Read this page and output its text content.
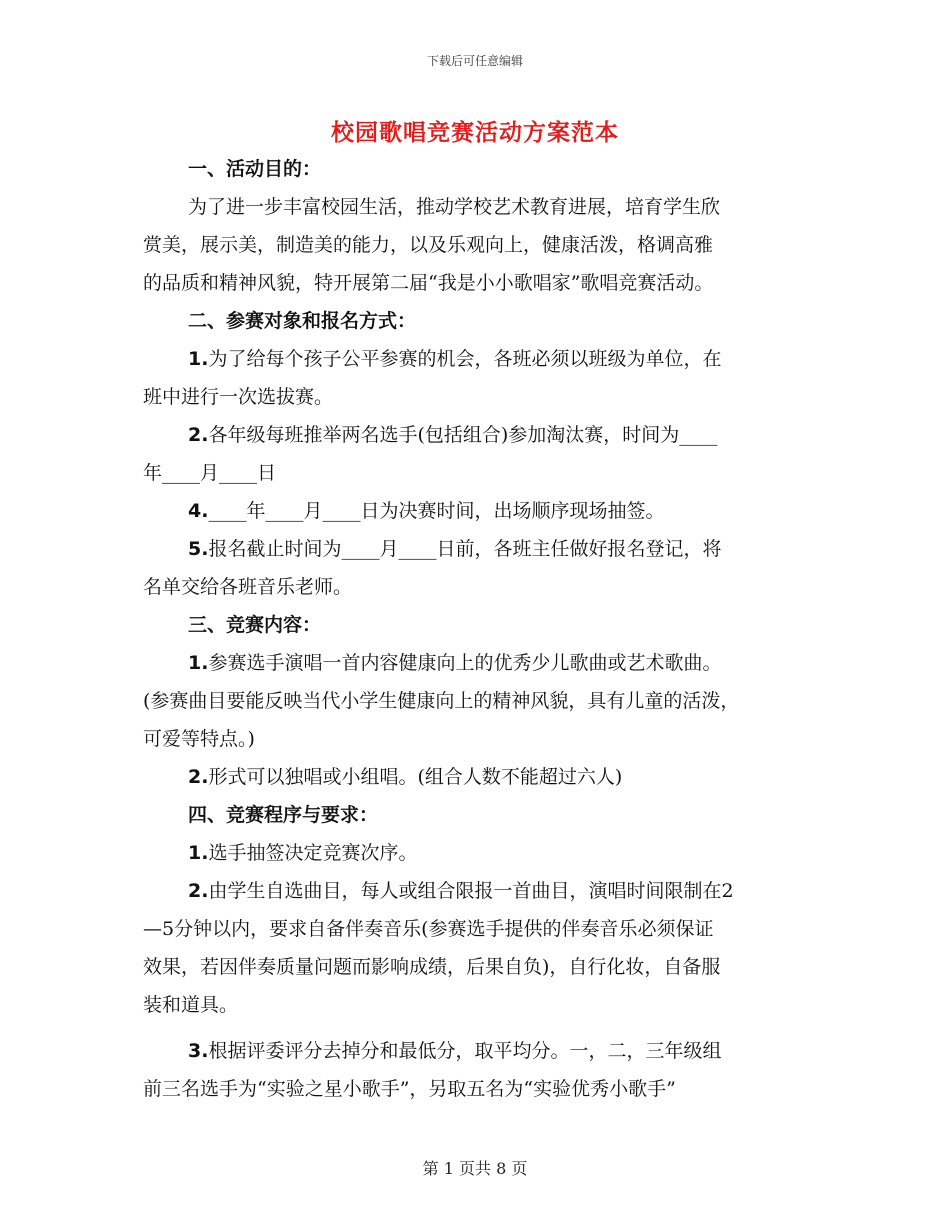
下载后可任意编辑
校园歌唱竞赛活动方案范本
一、活动目的：
为了进一步丰富校园生活，推动学校艺术教育进展，培育学生欣
赏美，展示美，制造美的能力，以及乐观向上，健康活泼，格调高雅
的品质和精神风貌，特开展第二届“我是小小歌唱家”歌唱竞赛活动。
二、参赛对象和报名方式：
1.为了给每个孩子公平参赛的机会，各班必须以班级为单位，在
班中进行一次选拔赛。
2.各年级每班推举两名选手(包括组合)参加淘汰赛，时间为____
年____月____日
4.____年____月____日为决赛时间，出场顺序现场抽签。
5.报名截止时间为____月____日前，各班主任做好报名登记，将
名单交给各班音乐老师。
三、竞赛内容：
1.参赛选手演唱一首内容健康向上的优秀少儿歌曲或艺术歌曲。
(参赛曲目要能反映当代小学生健康向上的精神风貌，具有儿童的活泼，
可爱等特点。)
2.形式可以独唱或小组唱。(组合人数不能超过六人)
四、竞赛程序与要求：
1.选手抽签决定竞赛次序。
2.由学生自选曲目，每人或组合限报一首曲目，演唱时间限制在2
—5分钟以内，要求自备伴奏音乐(参赛选手提供的伴奏音乐必须保证
效果，若因伴奏质量问题而影响成绩，后果自负)，自行化妆，自备服
装和道具。
3.根据评委评分去掉分和最低分，取平均分。一，二，三年级组
前三名选手为“实验之星小歌手”，另取五名为“实验优秀小歌手”
第 1 页共 8 页
